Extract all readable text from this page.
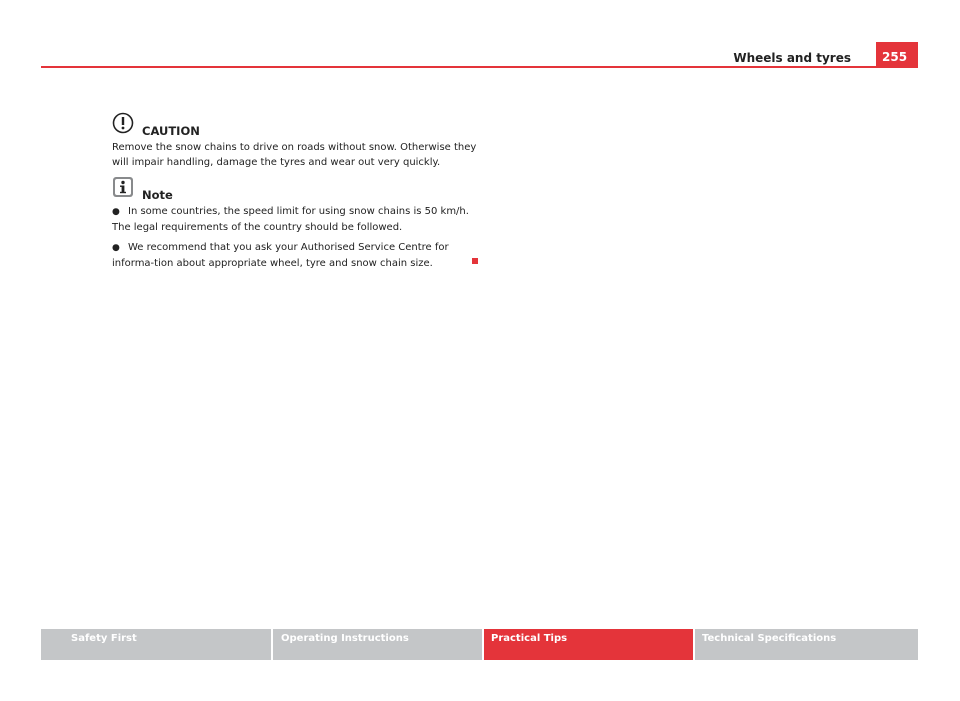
Wheels and tyres	255
CAUTION

Remove the snow chains to drive on roads without snow. Otherwise they will impair handling, damage the tyres and wear out very quickly.

Note

● In some countries, the speed limit for using snow chains is 50 km/h. The legal requirements of the country should be followed.

● We recommend that you ask your Authorised Service Centre for informa-tion about appropriate wheel, tyre and snow chain size.

Safety First	Operating Instructions	Practical Tips	Technical Specifications
